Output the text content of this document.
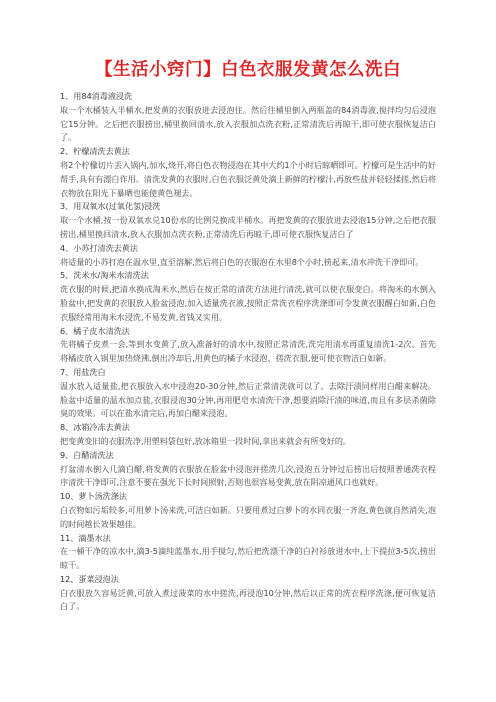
【生活小窍门】白色衣服发黄怎么洗白

1、用84消毒液浸洗

取一个水桶装入半桶水,把发黄的衣服放进去浸泡住。然后往桶里倒入两瓶盖的84消毒液,搅拌均匀后浸泡它15分钟。之后把衣服捞出,桶里换回清水,放入衣服加点洗衣粉,正常清洗后再晾干,即可使衣服恢复洁白了。

2、柠檬清洗去黄法

将2个柠檬切片丢入锅内,加水,烧开,将白色衣物浸泡在其中大约1个小时后晾晒即可。柠檬可是生活中的好帮手,具有有漂白作用。清洗发黄的衣服时,白色衣服泛黄处滴上新鲜的柠檬汁,再放些盐并轻轻揉搓,然后将衣物放在阳光下暴晒也能使黄色褪去。

3、用双氧水(过氧化氢)浸洗

取一个水桶,按一份双氧水兑10份水的比例兑换成半桶水。再把发黄的衣服放进去浸泡15分钟,之后把衣服捞出,桶里换回清水,放入衣服加点洗衣粉,正常清洗后再晾干,即可使衣服恢复洁白了

4、小苏打清洗去黄法

将适量的小苏打泡在温水里,直至溶解,然后将白色的衣服泡在水里8个小时,捞起来,清水冲洗干净即可。

5、洗米水/淘米水清洗法

洗衣服的时候,把清水换成淘米水,然后在按正常的清洗方法进行清洗,就可以使衣服变白。将淘米的水倒入脸盆中,把发黄的衣服放入脸盆浸泡,加入适量洗衣液,按照正常洗衣程序洗涤即可令发黄衣服醒白如新,白色衣服经常用淘米水浸洗,不易发黄,省钱又实用。

6、橘子皮水清洗法

先将橘子皮煮一会,等到水变黄了,放入准备好的清水中,按照正常清洗,洗完用清水再重复清洗1-2次。首先将橘皮放入锅里加热烧沸,倒出冷却后,用黄色的橘子水浸泡、搓洗衣服,便可使衣物洁白如新。

7、用盐洗白

温水放入适量盐,把衣服放入水中浸泡20-30分钟,然后正常清洗就可以了。去除汗渍同样用白醋来解决。脸盆中适量的温水加点盐,衣服浸泡30分钟,再用肥皂水清洗干净,想要消除汗渍的味道,而且有多层杀菌除臭的效果。可以在盐水清完后,再加白醋来浸泡。

8、冰箱冷冻去黄法

把变黄变旧的衣服洗净,用塑料袋包好,放冰箱里一段时间,拿出来就会有所变好的。

9、白醋清洗法

打盆清水倒入几滴白醋,将发黄的衣服放在脸盆中浸泡并搓洗几次,浸泡五分钟过后捞出后按照普通洗衣程序清洗干净即可,注意不要在强光下长时间照射,否则也很容易变黄,放在阴凉通风口也就好。

10、萝卜汤洗涤法

白衣物如污垢较多,可用萝卜汤来洗,可洁白如新。只要用煮过白萝卜的水同衣服一齐泡,黄色就自然消失,泡的时间越长效果越佳。

11、滴墨水法

在一桶干净的凉水中,滴3-5滴纯蓝墨水,用手搅匀,然后把洗漂干净的白衬衫放进水中,上下提拉3-5次,捞出晾干。

12、蛋菜浸泡法

白衣服放久容易泛黄,可放入煮过菠菜的水中搓洗,再浸泡10分钟,然后以正常的洗衣程序洗涤,便可恢复洁白了。
